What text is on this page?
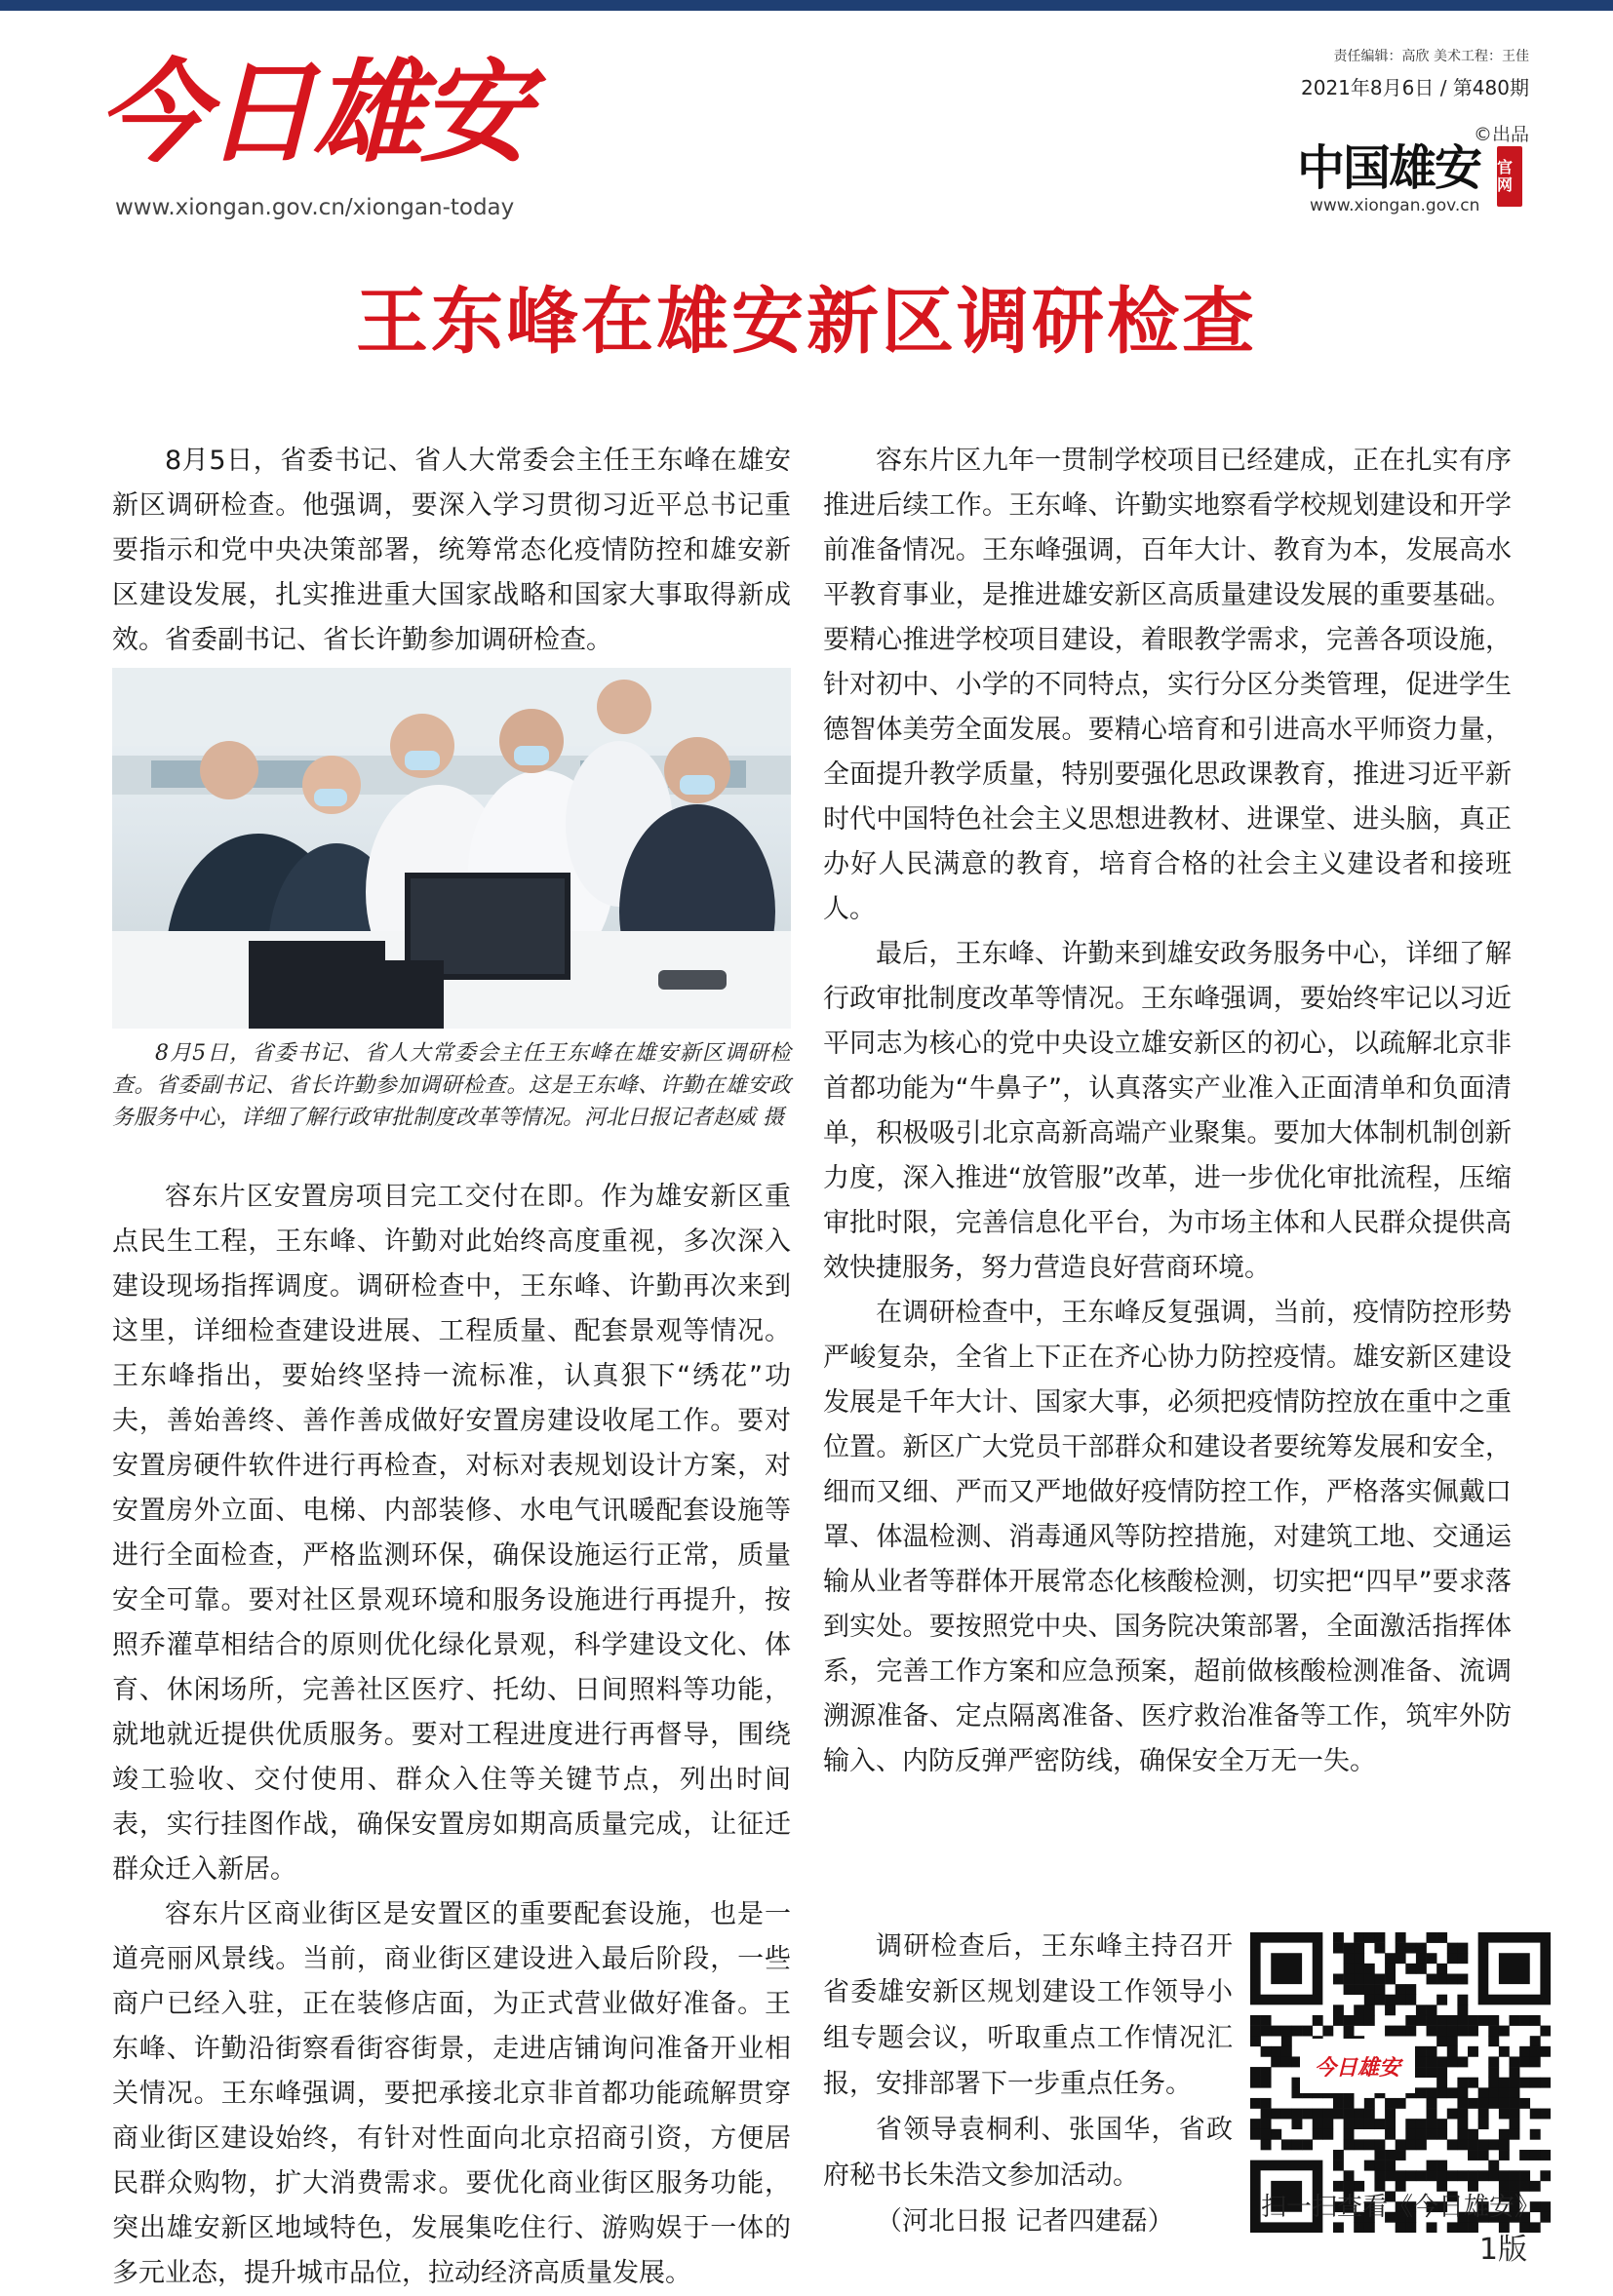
今日雄安
www.xiongan.gov.cn/xiongan-today
责任编辑：高欣 美术工程：王佳
2021年8月6日 / 第480期
©出品
中国雄安 官网
www.xiongan.gov.cn
王东峰在雄安新区调研检查

8月5日，省委书记、省人大常委会主任王东峰在雄安新区调研检查。他强调，要深入学习贯彻习近平总书记重要指示和党中央决策部署，统筹常态化疫情防控和雄安新区建设发展，扎实推进重大国家战略和国家大事取得新成效。省委副书记、省长许勤参加调研检查。

8月5日，省委书记、省人大常委会主任王东峰在雄安新区调研检查。省委副书记、省长许勤参加调研检查。这是王东峰、许勤在雄安政务服务中心，详细了解行政审批制度改革等情况。河北日报记者赵威 摄

容东片区安置房项目完工交付在即。作为雄安新区重点民生工程，王东峰、许勤对此始终高度重视，多次深入建设现场指挥调度。调研检查中，王东峰、许勤再次来到这里，详细检查建设进展、工程质量、配套景观等情况。王东峰指出，要始终坚持一流标准，认真狠下“绣花”功夫，善始善终、善作善成做好安置房建设收尾工作。要对安置房硬件软件进行再检查，对标对表规划设计方案，对安置房外立面、电梯、内部装修、水电气讯暖配套设施等进行全面检查，严格监测环保，确保设施运行正常，质量安全可靠。要对社区景观环境和服务设施进行再提升，按照乔灌草相结合的原则优化绿化景观，科学建设文化、体育、休闲场所，完善社区医疗、托幼、日间照料等功能，就地就近提供优质服务。要对工程进度进行再督导，围绕竣工验收、交付使用、群众入住等关键节点，列出时间表，实行挂图作战，确保安置房如期高质量完成，让征迁群众迁入新居。

容东片区商业街区是安置区的重要配套设施，也是一道亮丽风景线。当前，商业街区建设进入最后阶段，一些商户已经入驻，正在装修店面，为正式营业做好准备。王东峰、许勤沿街察看街容街景，走进店铺询问准备开业相关情况。王东峰强调，要把承接北京非首都功能疏解贯穿商业街区建设始终，有针对性面向北京招商引资，方便居民群众购物，扩大消费需求。要优化商业街区服务功能，突出雄安新区地域特色，发展集吃住行、游购娱于一体的多元业态，提升城市品位，拉动经济高质量发展。

容东片区九年一贯制学校项目已经建成，正在扎实有序推进后续工作。王东峰、许勤实地察看学校规划建设和开学前准备情况。王东峰强调，百年大计、教育为本，发展高水平教育事业，是推进雄安新区高质量建设发展的重要基础。要精心推进学校项目建设，着眼教学需求，完善各项设施，针对初中、小学的不同特点，实行分区分类管理，促进学生德智体美劳全面发展。要精心培育和引进高水平师资力量，全面提升教学质量，特别要强化思政课教育，推进习近平新时代中国特色社会主义思想进教材、进课堂、进头脑，真正办好人民满意的教育，培育合格的社会主义建设者和接班人。

最后，王东峰、许勤来到雄安政务服务中心，详细了解行政审批制度改革等情况。王东峰强调，要始终牢记以习近平同志为核心的党中央设立雄安新区的初心，以疏解北京非首都功能为“牛鼻子”，认真落实产业准入正面清单和负面清单，积极吸引北京高新高端产业聚集。要加大体制机制创新力度，深入推进“放管服”改革，进一步优化审批流程，压缩审批时限，完善信息化平台，为市场主体和人民群众提供高效快捷服务，努力营造良好营商环境。

在调研检查中，王东峰反复强调，当前，疫情防控形势严峻复杂，全省上下正在齐心协力防控疫情。雄安新区建设发展是千年大计、国家大事，必须把疫情防控放在重中之重位置。新区广大党员干部群众和建设者要统筹发展和安全，细而又细、严而又严地做好疫情防控工作，严格落实佩戴口罩、体温检测、消毒通风等防控措施，对建筑工地、交通运输从业者等群体开展常态化核酸检测，切实把“四早”要求落到实处。要按照党中央、国务院决策部署，全面激活指挥体系，完善工作方案和应急预案，超前做核酸检测准备、流调溯源准备、定点隔离准备、医疗救治准备等工作，筑牢外防输入、内防反弹严密防线，确保安全万无一失。

调研检查后，王东峰主持召开省委雄安新区规划建设工作领导小组专题会议，听取重点工作情况汇报，安排部署下一步重点任务。

省领导袁桐利、张国华，省政府秘书长朱浩文参加活动。

（河北日报 记者四建磊）

今日雄安
扫一扫查看《今日雄安》
1版
